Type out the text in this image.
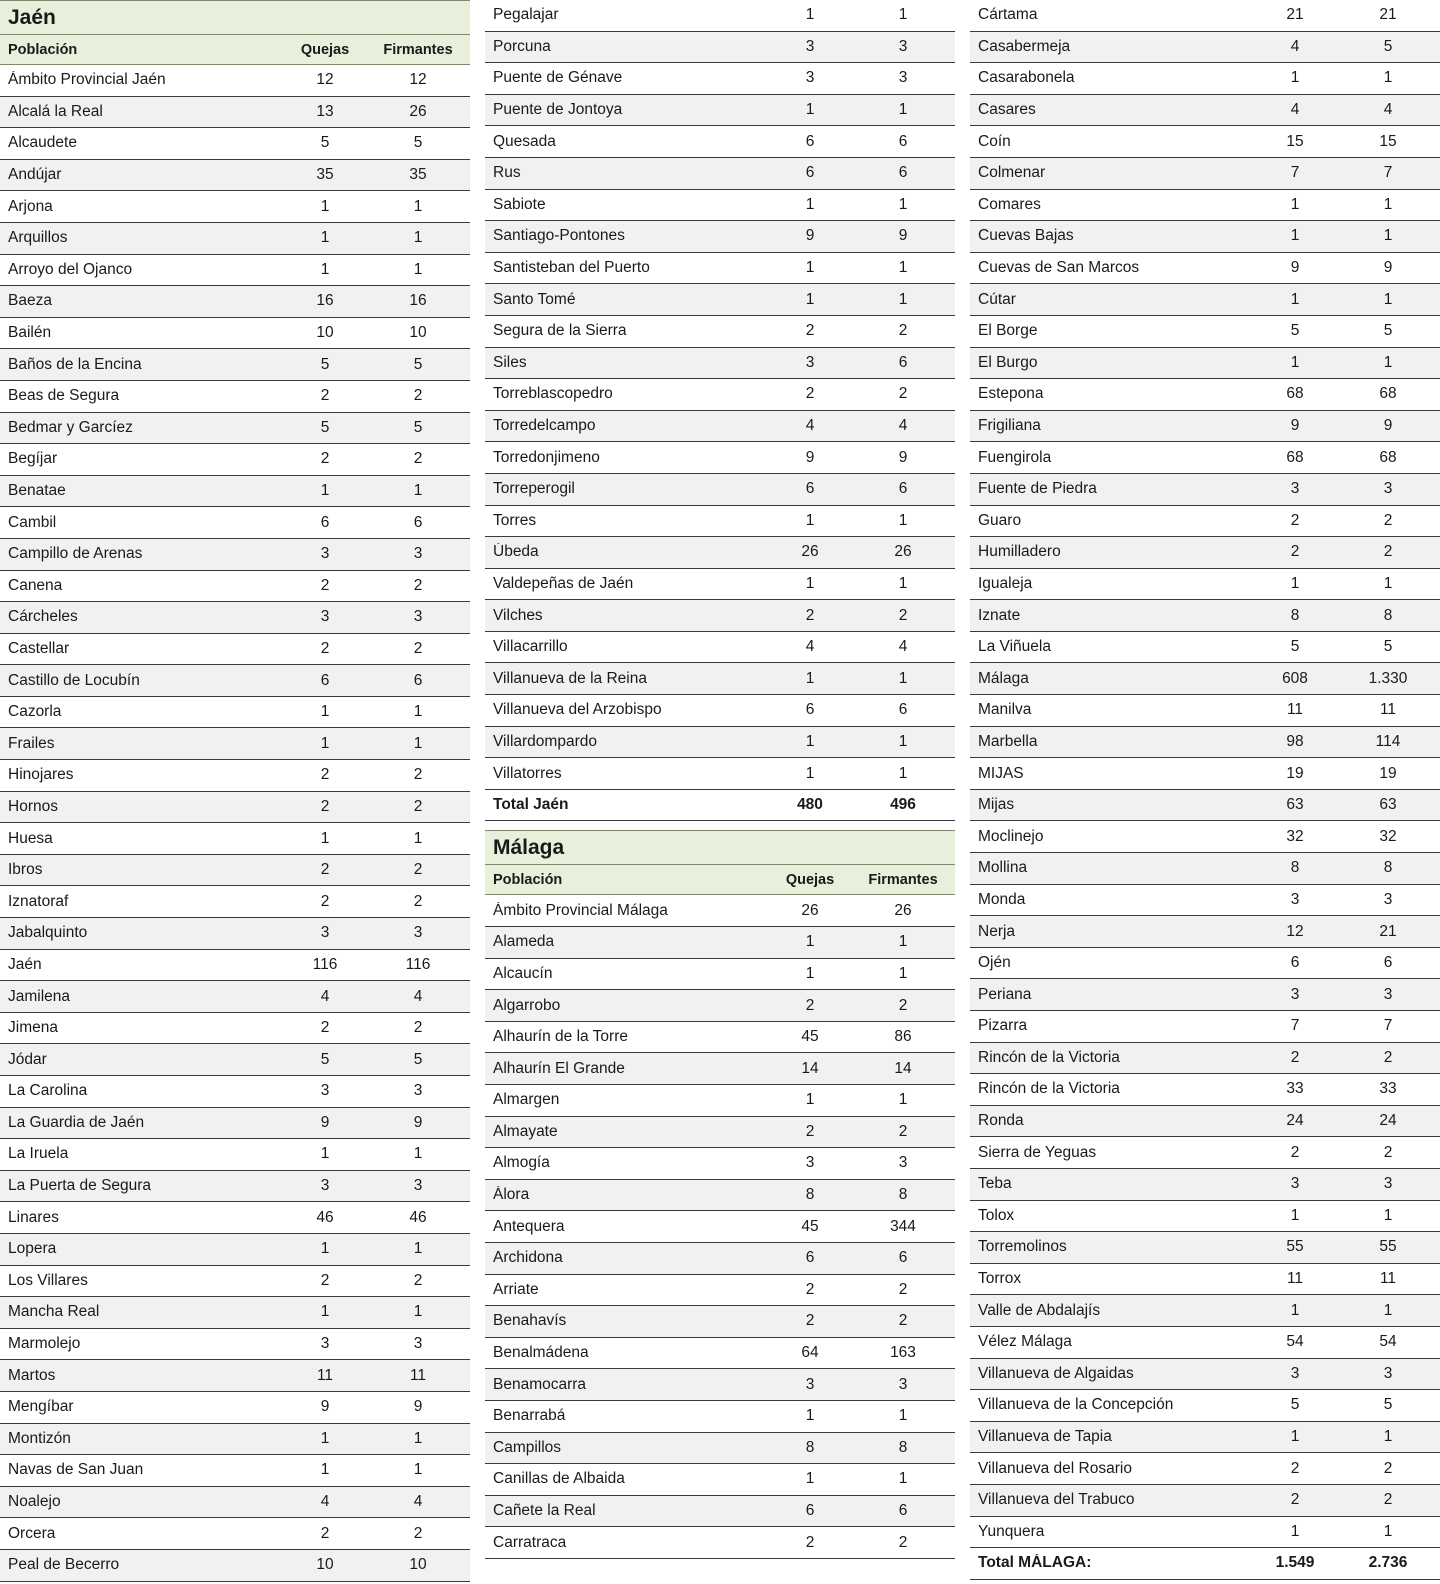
Jaén
Población	Quejas	Firmantes
Ámbito Provincial Jaén	12	12
Alcalá la Real	13	26
Alcaudete	5	5
Andújar	35	35
Arjona	1	1
Arquillos	1	1
Arroyo del Ojanco	1	1
Baeza	16	16
Bailén	10	10
Baños de la Encina	5	5
Beas de Segura	2	2
Bedmar y Garcíez	5	5
Begíjar	2	2
Benatae	1	1
Cambil	6	6
Campillo de Arenas	3	3
Canena	2	2
Cárcheles	3	3
Castellar	2	2
Castillo de Locubín	6	6
Cazorla	1	1
Frailes	1	1
Hinojares	2	2
Hornos	2	2
Huesa	1	1
Ibros	2	2
Iznatoraf	2	2
Jabalquinto	3	3
Jaén	116	116
Jamilena	4	4
Jimena	2	2
Jódar	5	5
La Carolina	3	3
La Guardia de Jaén	9	9
La Iruela	1	1
La Puerta de Segura	3	3
Linares	46	46
Lopera	1	1
Los Villares	2	2
Mancha Real	1	1
Marmolejo	3	3
Martos	11	11
Mengíbar	9	9
Montizón	1	1
Navas de San Juan	1	1
Noalejo	4	4
Orcera	2	2
Peal de Becerro	10	10
Pegalajar	1	1
Porcuna	3	3
Puente de Génave	3	3
Puente de Jontoya	1	1
Quesada	6	6
Rus	6	6
Sabiote	1	1
Santiago-Pontones	9	9
Santisteban del Puerto	1	1
Santo Tomé	1	1
Segura de la Sierra	2	2
Siles	3	6
Torreblascopedro	2	2
Torredelcampo	4	4
Torredonjimeno	9	9
Torreperogil	6	6
Torres	1	1
Úbeda	26	26
Valdepeñas de Jaén	1	1
Vilches	2	2
Villacarrillo	4	4
Villanueva de la Reina	1	1
Villanueva del Arzobispo	6	6
Villardompardo	1	1
Villatorres	1	1
Total Jaén	480	496
Málaga
Población	Quejas	Firmantes
Ámbito Provincial Málaga	26	26
Alameda	1	1
Alcaucín	1	1
Algarrobo	2	2
Alhaurín de la Torre	45	86
Alhaurín El Grande	14	14
Almargen	1	1
Almayate	2	2
Almogía	3	3
Álora	8	8
Antequera	45	344
Archidona	6	6
Arriate	2	2
Benahavís	2	2
Benalmádena	64	163
Benamocarra	3	3
Benarrabá	1	1
Campillos	8	8
Canillas de Albaida	1	1
Cañete la Real	6	6
Carratraca	2	2
Cártama	21	21
Casabermeja	4	5
Casarabonela	1	1
Casares	4	4
Coín	15	15
Colmenar	7	7
Comares	1	1
Cuevas Bajas	1	1
Cuevas de San Marcos	9	9
Cútar	1	1
El Borge	5	5
El Burgo	1	1
Estepona	68	68
Frigiliana	9	9
Fuengirola	68	68
Fuente de Piedra	3	3
Guaro	2	2
Humilladero	2	2
Igualeja	1	1
Iznate	8	8
La Viñuela	5	5
Málaga	608	1.330
Manilva	11	11
Marbella	98	114
MIJAS	19	19
Mijas	63	63
Moclinejo	32	32
Mollina	8	8
Monda	3	3
Nerja	12	21
Ojén	6	6
Periana	3	3
Pizarra	7	7
Rincón de la Victoria	2	2
Rincón de la Victoria	33	33
Ronda	24	24
Sierra de Yeguas	2	2
Teba	3	3
Tolox	1	1
Torremolinos	55	55
Torrox	11	11
Valle de Abdalajís	1	1
Vélez Málaga	54	54
Villanueva de Algaidas	3	3
Villanueva de la Concepción	5	5
Villanueva de Tapia	1	1
Villanueva del Rosario	2	2
Villanueva del Trabuco	2	2
Yunquera	1	1
Total MÁLAGA:	1.549	2.736
